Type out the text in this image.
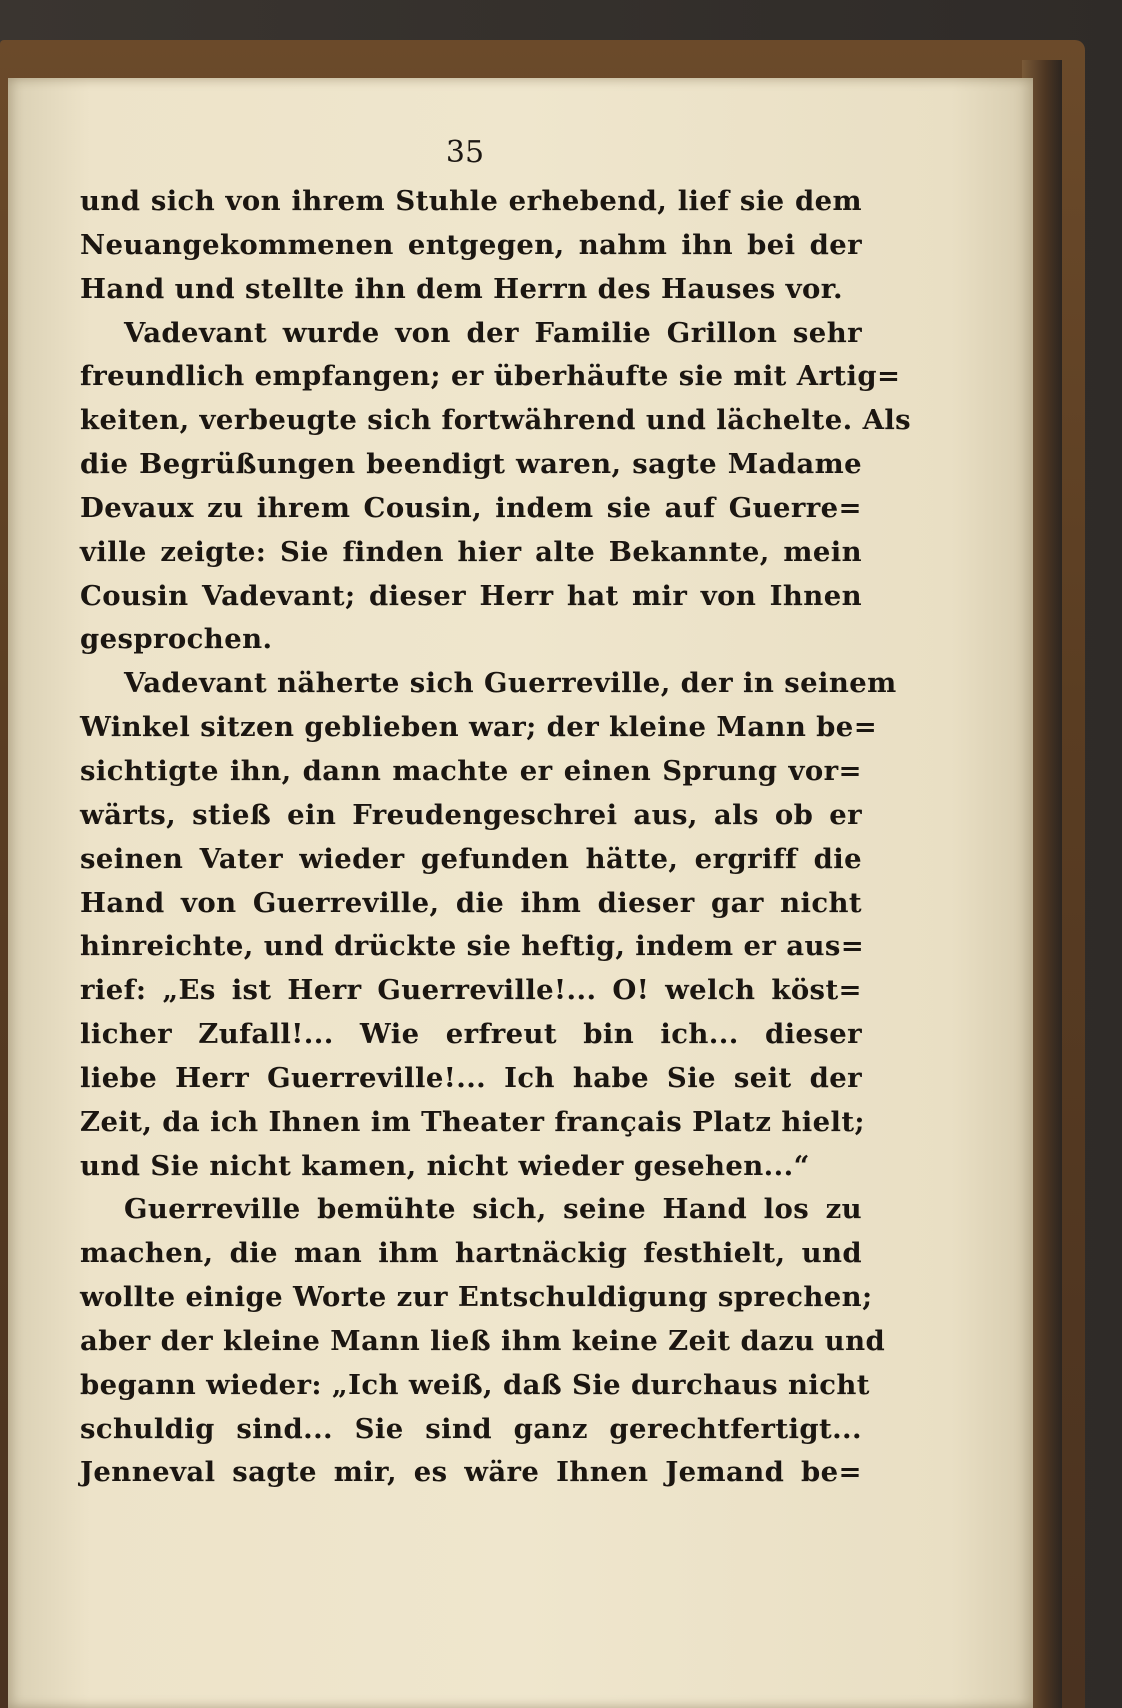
35
und sich von ihrem Stuhle erhebend, lief sie dem
Neuangekommenen entgegen, nahm ihn bei der
Hand und stellte ihn dem Herrn des Hauses vor.
Vadevant wurde von der Familie Grillon sehr
freundlich empfangen; er überhäufte sie mit Artig=
keiten, verbeugte sich fortwährend und lächelte. Als
die Begrüßungen beendigt waren, sagte Madame
Devaux zu ihrem Cousin, indem sie auf Guerre=
ville zeigte: Sie finden hier alte Bekannte, mein
Cousin Vadevant; dieser Herr hat mir von Ihnen
gesprochen.
Vadevant näherte sich Guerreville, der in seinem
Winkel sitzen geblieben war; der kleine Mann be=
sichtigte ihn, dann machte er einen Sprung vor=
wärts, stieß ein Freudengeschrei aus, als ob er
seinen Vater wieder gefunden hätte, ergriff die
Hand von Guerreville, die ihm dieser gar nicht
hinreichte, und drückte sie heftig, indem er aus=
rief: „Es ist Herr Guerreville!... O! welch köst=
licher Zufall!... Wie erfreut bin ich... dieser
liebe Herr Guerreville!... Ich habe Sie seit der
Zeit, da ich Ihnen im Theater français Platz hielt;
und Sie nicht kamen, nicht wieder gesehen...“
Guerreville bemühte sich, seine Hand los zu
machen, die man ihm hartnäckig festhielt, und
wollte einige Worte zur Entschuldigung sprechen;
aber der kleine Mann ließ ihm keine Zeit dazu und
begann wieder: „Ich weiß, daß Sie durchaus nicht
schuldig sind... Sie sind ganz gerechtfertigt...
Jenneval sagte mir, es wäre Ihnen Jemand be=
